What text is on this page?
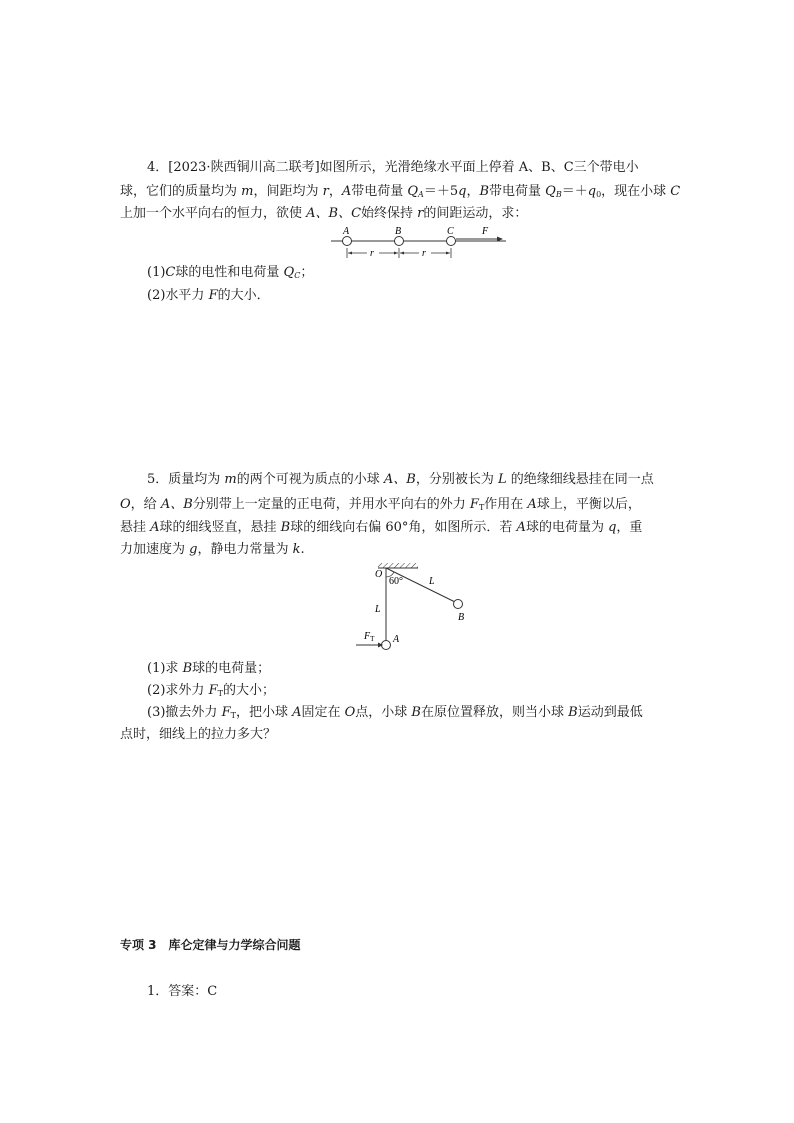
4．[2023·陕西铜川高二联考]如图所示，光滑绝缘水平面上停着 A、B、C三个带电小
球，它们的质量均为 m，间距均为 r，A带电荷量 $Q_A=+5q$，B带电荷量 $Q_B=+q_0$，现在小球 C
上加一个水平向右的恒力，欲使 A、B、C始终保持 r的间距运动，求：
A	B	C	F
r	r
(1)C球的电性和电荷量 $Q_C$；
(2)水平力 F的大小．
5．质量均为 m的两个可视为质点的小球 A、B，分别被长为 L 的绝缘细线悬挂在同一点
O，给 A、B分别带上一定量的正电荷，并用水平向右的外力 $F_T$作用在 A球上，平衡以后，
悬挂 A球的细线竖直，悬挂 B球的细线向右偏 60°角，如图所示．若 A球的电荷量为 q，重
力加速度为 g，静电力常量为 k.
O
60°	L
L
B
A
$F_T$
(1)求 B球的电荷量；
(2)求外力 $F_T$的大小；
(3)撤去外力 $F_T$，把小球 A固定在 O点，小球 B在原位置释放，则当小球 B运动到最低
点时，细线上的拉力多大？
专项 3　库仑定律与力学综合问题
1．答案：C
